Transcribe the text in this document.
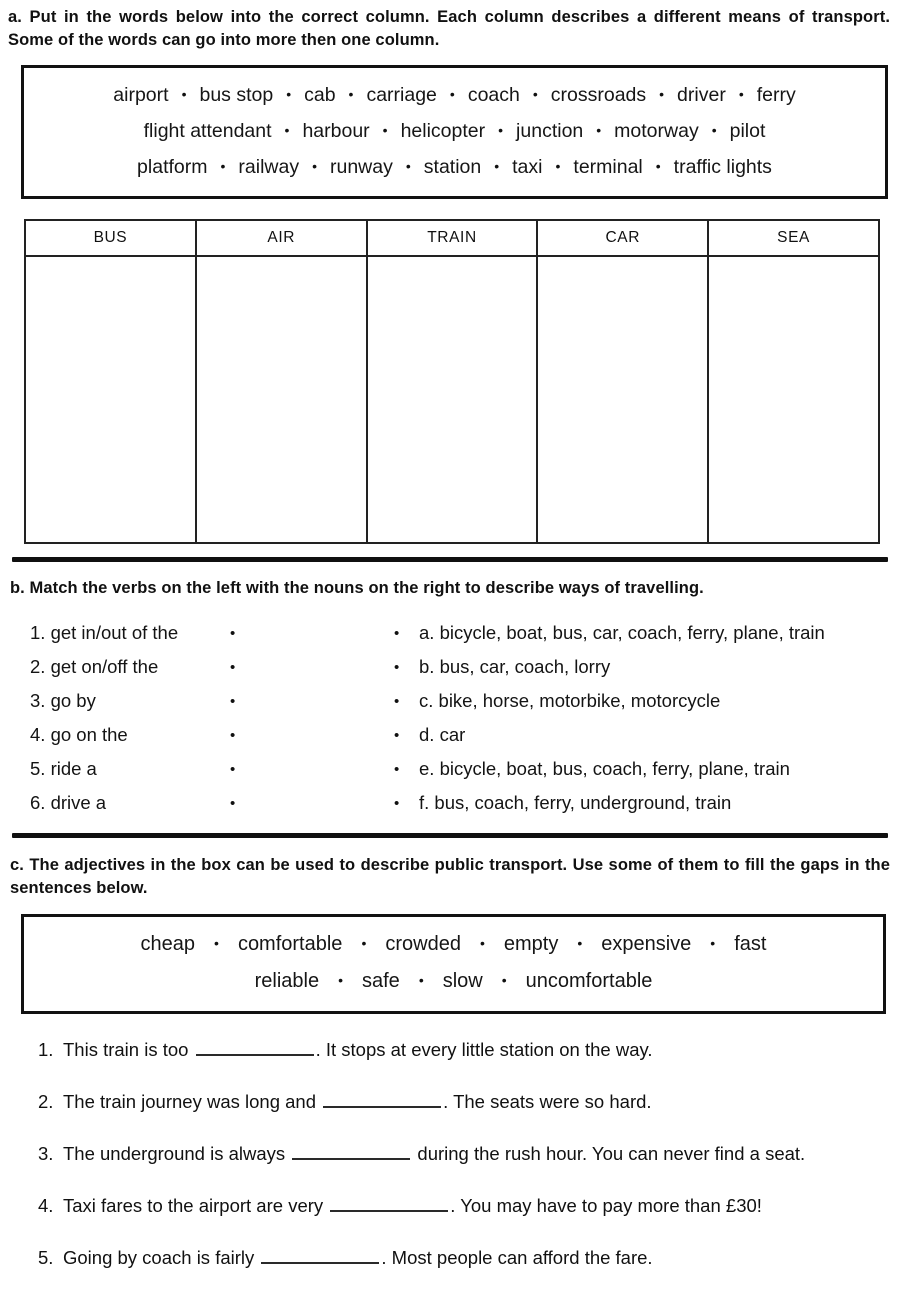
a. Put in the words below into the correct column. Each column describes a different means of transport. Some of the words can go into more then one column.
airport • bus stop • cab • carriage • coach • crossroads • driver • ferry
flight attendant • harbour • helicopter • junction • motorway • pilot
platform • railway • runway • station • taxi • terminal • traffic lights
BUS	AIR	TRAIN	CAR	SEA

b. Match the verbs on the left with the nouns on the right to describe ways of travelling.
1. get in/out of the	•	•	a. bicycle, boat, bus, car, coach, ferry, plane, train
2. get on/off the	•	•	b. bus, car, coach, lorry
3. go by	•	•	c. bike, horse, motorbike, motorcycle
4. go on the	•	•	d. car
5. ride a	•	•	e. bicycle, boat, bus, coach, ferry, plane, train
6. drive a	•	•	f. bus, coach, ferry, underground, train
c. The adjectives in the box can be used to describe public transport. Use some of them to fill the gaps in the sentences below.
cheap • comfortable • crowded • empty • expensive • fast
reliable • safe • slow • uncomfortable
1. This train is too	. It stops at every little station on the way.
2. The train journey was long and	. The seats were so hard.
3. The underground is always	during the rush hour. You can never find a seat.
4. Taxi fares to the airport are very	. You may have to pay more than £30!
5. Going by coach is fairly	. Most people can afford the fare.
